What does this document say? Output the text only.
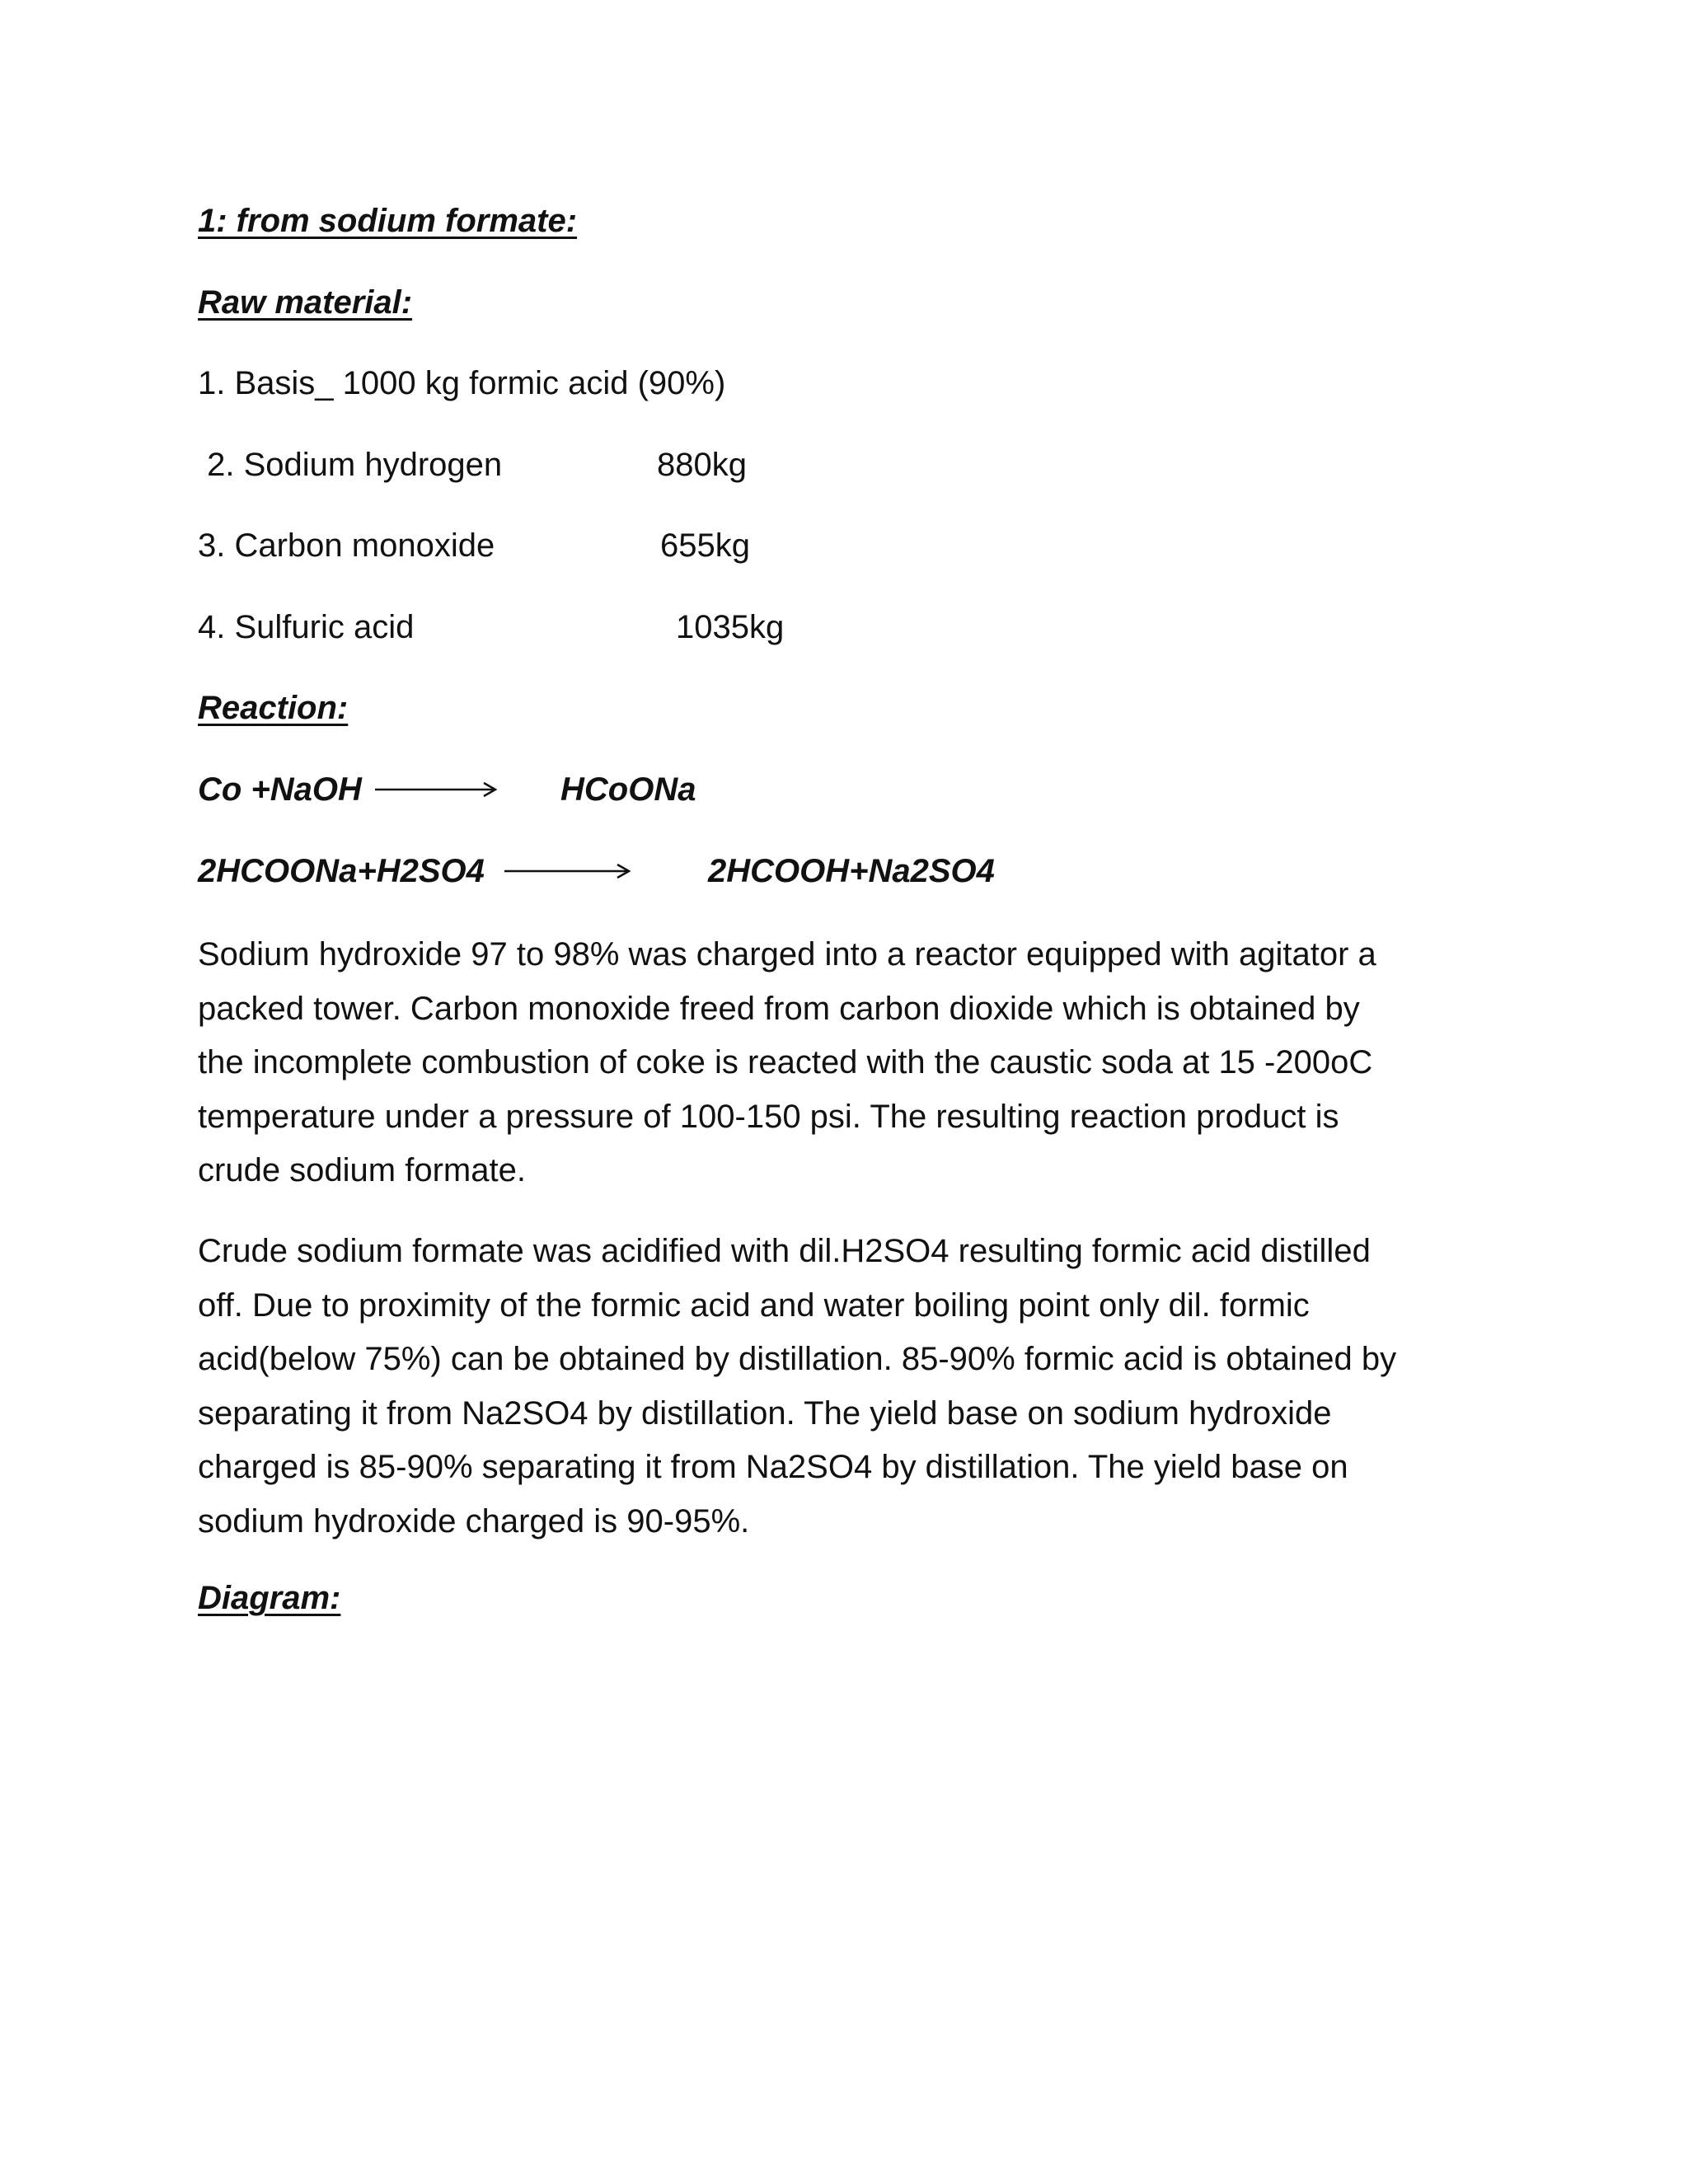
1: from sodium formate:
Raw material:
1. Basis_ 1000 kg formic acid (90%)
2. Sodium hydrogen	880kg
3. Carbon monoxide	655kg
4. Sulfuric acid	1035kg
Reaction:
Co +NaOH	HCoONa
2HCOONa+H2SO4	2HCOOH+Na2SO4
Sodium hydroxide 97 to 98% was charged into a reactor equipped with agitator a
packed tower. Carbon monoxide freed from carbon dioxide which is obtained by
the incomplete combustion of coke is reacted with the caustic soda at 15 -200oC
temperature under a pressure of 100-150 psi. The resulting reaction product is
crude sodium formate.
Crude sodium formate was acidified with dil.H2SO4 resulting formic acid distilled
off. Due to proximity of the formic acid and water boiling point only dil. formic
acid(below 75%) can be obtained by distillation. 85-90% formic acid is obtained by
separating it from Na2SO4 by distillation. The yield base on sodium hydroxide
charged is 85-90% separating it from Na2SO4 by distillation. The yield base on
sodium hydroxide charged is 90-95%.
Diagram:
